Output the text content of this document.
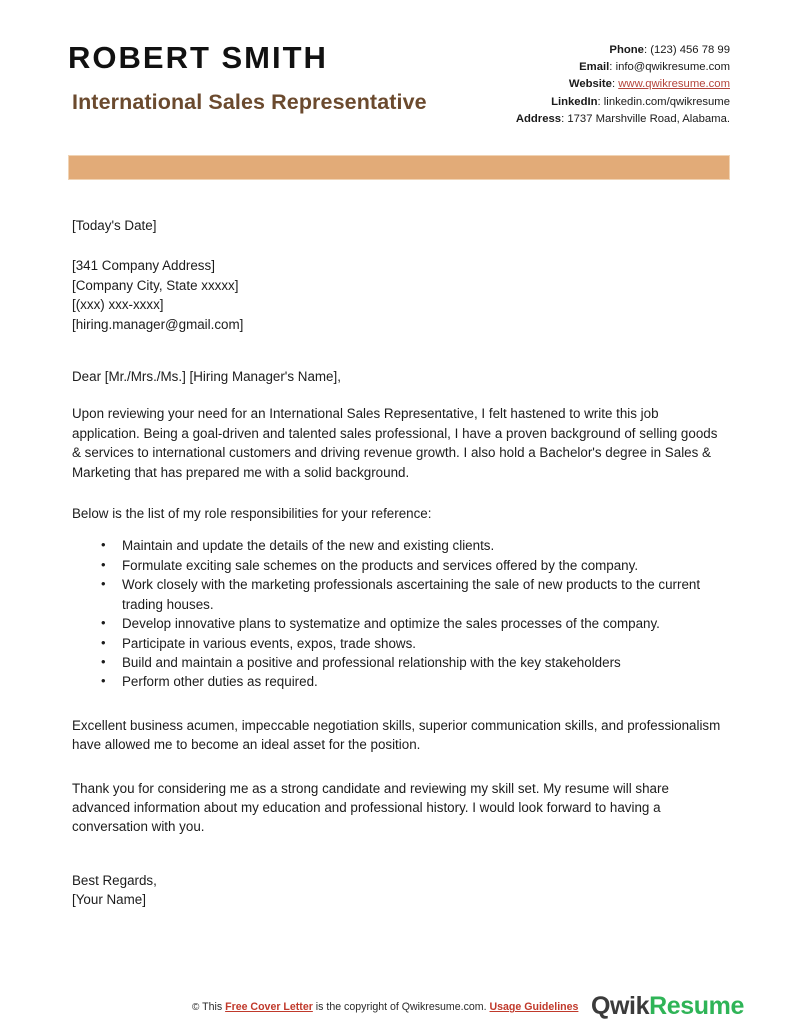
ROBERT SMITH
International Sales Representative
Phone: (123) 456 78 99
Email: info@qwikresume.com
Website: www.qwikresume.com
LinkedIn: linkedin.com/qwikresume
Address: 1737 Marshville Road, Alabama.
[Today's Date]
[341 Company Address]
[Company City, State xxxxx]
[(xxx) xxx-xxxx]
[hiring.manager@gmail.com]
Dear [Mr./Mrs./Ms.] [Hiring Manager's Name],
Upon reviewing your need for an International Sales Representative, I felt hastened to write this job application. Being a goal-driven and talented sales professional, I have a proven background of selling goods & services to international customers and driving revenue growth. I also hold a Bachelor's degree in Sales & Marketing that has prepared me with a solid background.
Below is the list of my role responsibilities for your reference:
• Maintain and update the details of the new and existing clients.
• Formulate exciting sale schemes on the products and services offered by the company.
• Work closely with the marketing professionals ascertaining the sale of new products to the current trading houses.
• Develop innovative plans to systematize and optimize the sales processes of the company.
• Participate in various events, expos, trade shows.
• Build and maintain a positive and professional relationship with the key stakeholders
• Perform other duties as required.
Excellent business acumen, impeccable negotiation skills, superior communication skills, and professionalism have allowed me to become an ideal asset for the position.
Thank you for considering me as a strong candidate and reviewing my skill set. My resume will share advanced information about my education and professional history. I would look forward to having a conversation with you.
Best Regards,
[Your Name]
© This Free Cover Letter is the copyright of Qwikresume.com. Usage Guidelines QwikResume
